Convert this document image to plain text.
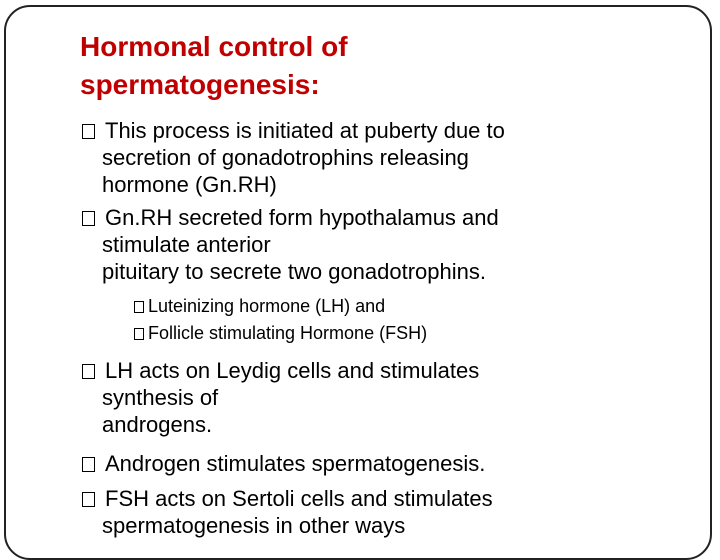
Hormonal control of
spermatogenesis:
This process is initiated at puberty due to
secretion of gonadotrophins releasing
hormone (Gn.RH)
Gn.RH secreted form hypothalamus and
stimulate anterior
pituitary to secrete two gonadotrophins.
Luteinizing hormone (LH) and
Follicle stimulating Hormone (FSH)
LH acts on Leydig cells and stimulates
synthesis of
androgens.
Androgen stimulates spermatogenesis.
FSH acts on Sertoli cells and stimulates
spermatogenesis in other ways
